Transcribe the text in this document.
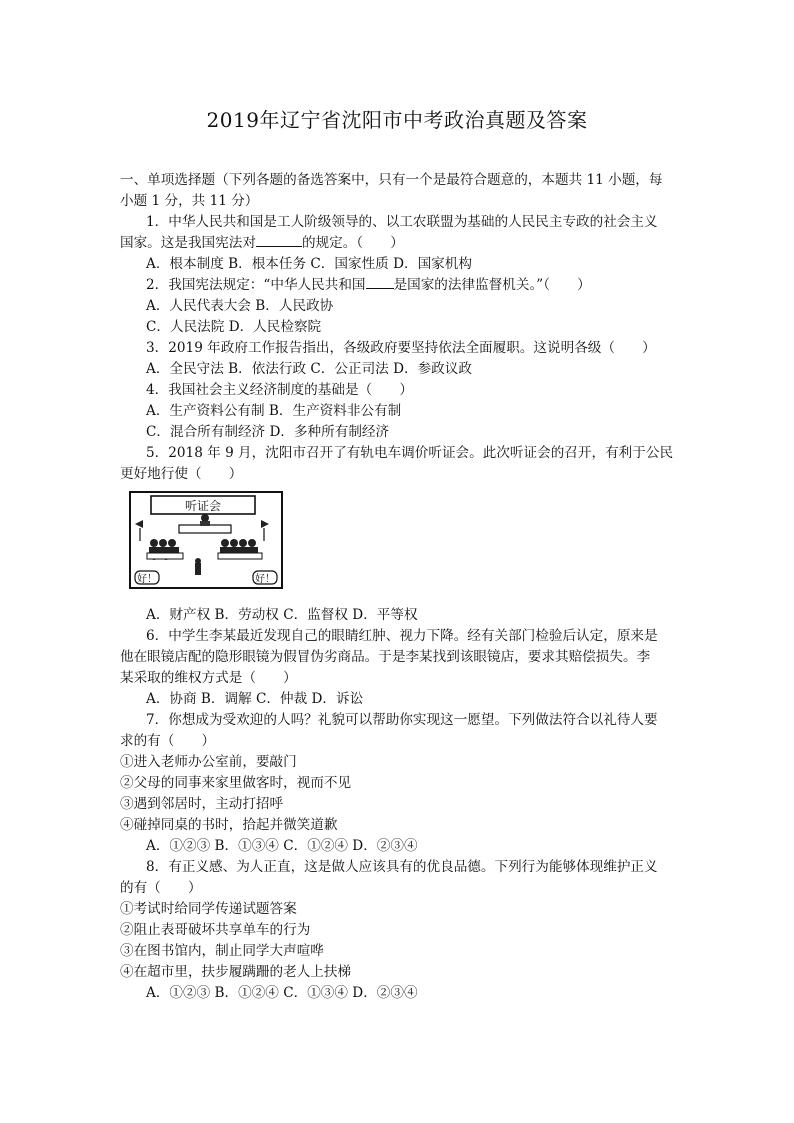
2019年辽宁省沈阳市中考政治真题及答案
一、单项选择题（下列各题的备选答案中，只有一个是最符合题意的，本题共 11 小题，每
小题 1 分，共 11 分）
1．中华人民共和国是工人阶级领导的、以工农联盟为基础的人民民主专政的社会主义
国家。这是我国宪法对	的规定。（　　）
A．根本制度 B．根本任务 C．国家性质 D．国家机构
2．我国宪法规定：“中华人民共和国 是国家的法律监督机关。”（　　）
A．人民代表大会 B．人民政协
C．人民法院 D．人民检察院
3．2019 年政府工作报告指出，各级政府要坚持依法全面履职。这说明各级（　　）
A．全民守法 B．依法行政 C．公正司法 D．参政议政
4．我国社会主义经济制度的基础是（　　）
A．生产资料公有制 B．生产资料非公有制
C．混合所有制经济 D．多种所有制经济
5．2018 年 9 月，沈阳市召开了有轨电车调价听证会。此次听证会的召开，有利于公民
更好地行使（　　）
听证会
好！	好！
A．财产权 B．劳动权 C．监督权 D．平等权
6．中学生李某最近发现自己的眼睛红肿、视力下降。经有关部门检验后认定，原来是
他在眼镜店配的隐形眼镜为假冒伪劣商品。于是李某找到该眼镜店，要求其赔偿损失。李
某采取的维权方式是（　　）
A．协商 B．调解 C．仲裁 D．诉讼
7．你想成为受欢迎的人吗？礼貌可以帮助你实现这一愿望。下列做法符合以礼待人要
求的有（　　）
①进入老师办公室前，要敲门
②父母的同事来家里做客时，视而不见
③遇到邻居时，主动打招呼
④碰掉同桌的书时，拾起并微笑道歉
A．①②③ B．①③④ C．①②④ D．②③④
8．有正义感、为人正直，这是做人应该具有的优良品德。下列行为能够体现维护正义
的有（　　）
①考试时给同学传递试题答案
②阻止表哥破坏共享单车的行为
③在图书馆内，制止同学大声喧哗
④在超市里，扶步履蹒跚的老人上扶梯
A．①②③ B．①②④ C．①③④ D．②③④
